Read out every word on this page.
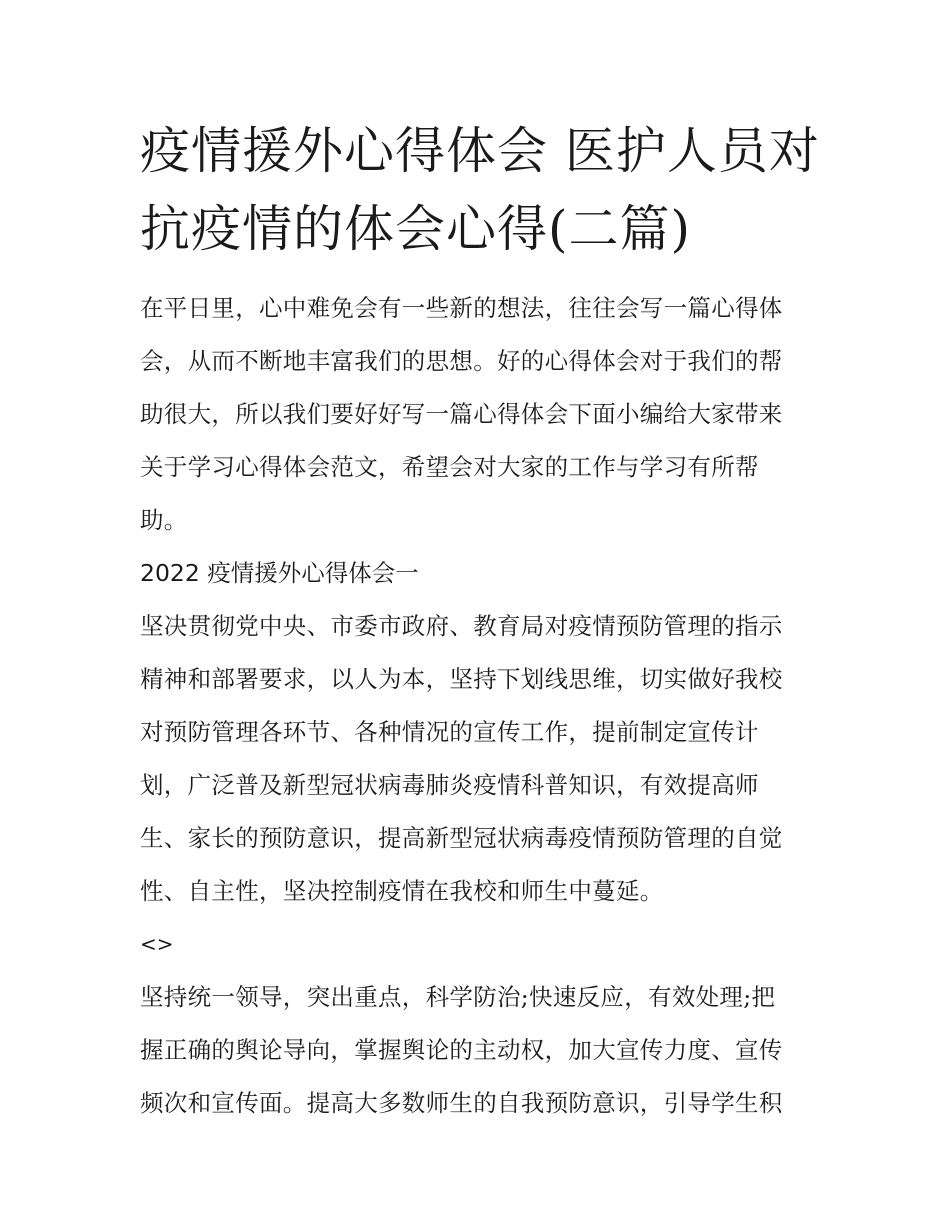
疫情援外心得体会 医护人员对
抗疫情的体会心得(二篇)

在平日里，心中难免会有一些新的想法，往往会写一篇心得体
会，从而不断地丰富我们的思想。好的心得体会对于我们的帮
助很大，所以我们要好好写一篇心得体会下面小编给大家带来
关于学习心得体会范文，希望会对大家的工作与学习有所帮
助。

2022 疫情援外心得体会一

坚决贯彻党中央、市委市政府、教育局对疫情预防管理的指示
精神和部署要求，以人为本，坚持下划线思维，切实做好我校
对预防管理各环节、各种情况的宣传工作，提前制定宣传计
划，广泛普及新型冠状病毒肺炎疫情科普知识，有效提高师
生、家长的预防意识，提高新型冠状病毒疫情预防管理的自觉
性、自主性，坚决控制疫情在我校和师生中蔓延。

<>

坚持统一领导，突出重点，科学防治;快速反应，有效处理;把
握正确的舆论导向，掌握舆论的主动权，加大宣传力度、宣传
频次和宣传面。提高大多数师生的自我预防意识，引导学生积
